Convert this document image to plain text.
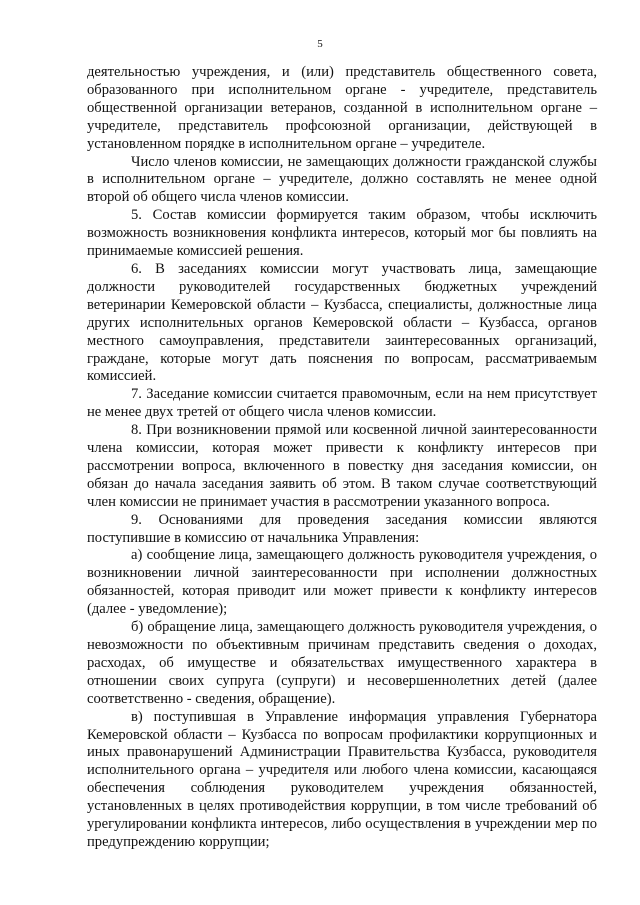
5

деятельностью учреждения, и (или) представитель общественного совета, образованного при исполнительном органе - учредителе, представитель общественной организации ветеранов, созданной в исполнительном органе – учредителе, представитель профсоюзной организации, действующей в установленном порядке в исполнительном органе – учредителе.

Число членов комиссии, не замещающих должности гражданской службы в исполнительном органе – учредителе, должно составлять не менее одной второй об общего числа членов комиссии.

5. Состав комиссии формируется таким образом, чтобы исключить возможность возникновения конфликта интересов, который мог бы повлиять на принимаемые комиссией решения.

6. В заседаниях комиссии могут участвовать лица, замещающие должности руководителей государственных бюджетных учреждений ветеринарии Кемеровской области – Кузбасса, специалисты, должностные лица других исполнительных органов Кемеровской области – Кузбасса, органов местного самоуправления, представители заинтересованных организаций, граждане, которые могут дать пояснения по вопросам, рассматриваемым комиссией.

7. Заседание комиссии считается правомочным, если на нем присутствует не менее двух третей от общего числа членов комиссии.

8. При возникновении прямой или косвенной личной заинтересованности члена комиссии, которая может привести к конфликту интересов при рассмотрении вопроса, включенного в повестку дня заседания комиссии, он обязан до начала заседания заявить об этом. В таком случае соответствующий член комиссии не принимает участия в рассмотрении указанного вопроса.

9. Основаниями для проведения заседания комиссии являются поступившие в комиссию от начальника Управления:

а) сообщение лица, замещающего должность руководителя учреждения, о возникновении личной заинтересованности при исполнении должностных обязанностей, которая приводит или может привести к конфликту интересов (далее - уведомление);

б) обращение лица, замещающего должность руководителя учреждения, о невозможности по объективным причинам представить сведения о доходах, расходах, об имуществе и обязательствах имущественного характера в отношении своих супруга (супруги) и несовершеннолетних детей (далее соответственно - сведения, обращение).

в) поступившая в Управление информация управления Губернатора Кемеровской области – Кузбасса по вопросам профилактики коррупционных и иных правонарушений Администрации Правительства Кузбасса, руководителя исполнительного органа – учредителя или любого члена комиссии, касающаяся обеспечения соблюдения руководителем учреждения обязанностей, установленных в целях противодействия коррупции, в том числе требований об урегулировании конфликта интересов, либо осуществления в учреждении мер по предупреждению коррупции;
